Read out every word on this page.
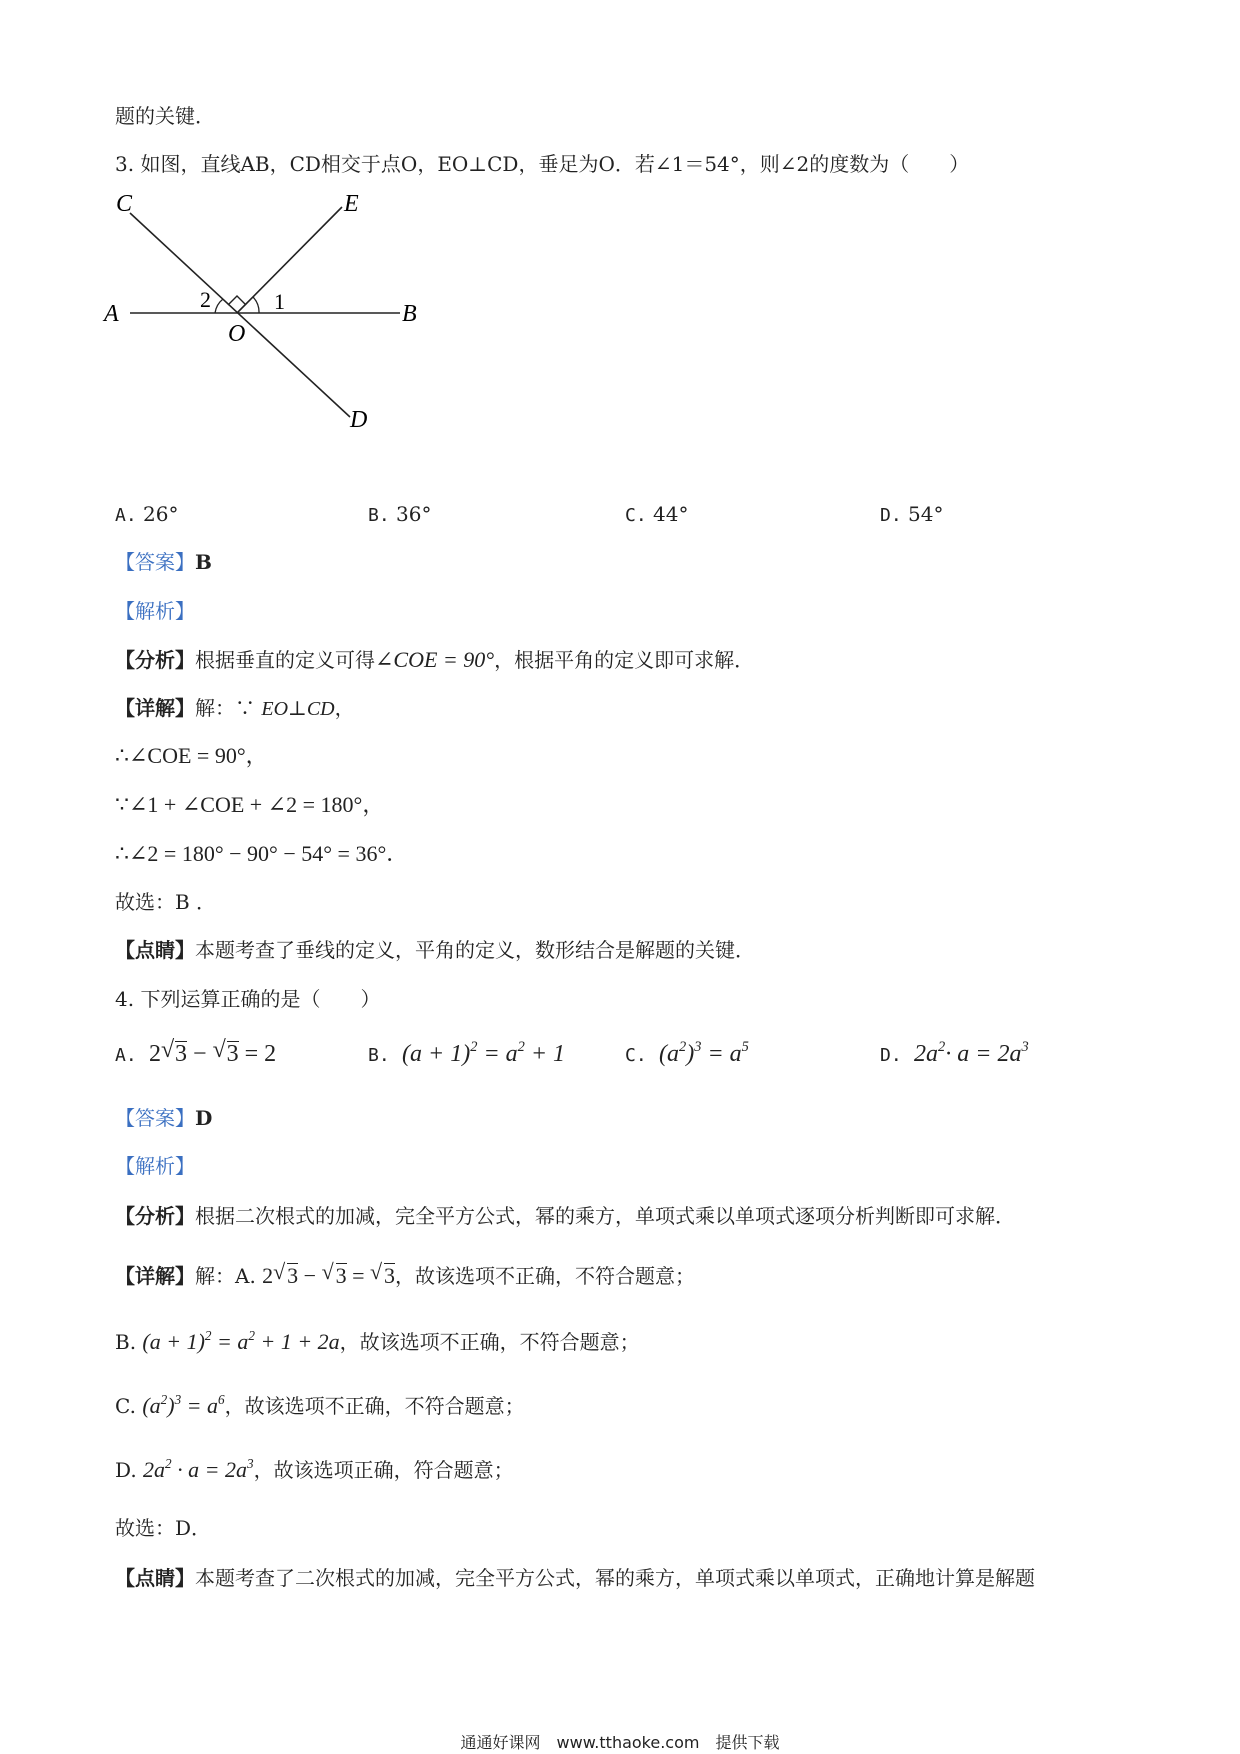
题的关键．
3. 如图，直线AB，CD相交于点O，EO⊥CD，垂足为O．若∠1＝54°，则∠2的度数为（　　）
C	E
A	B
O
D
1
2
A. 26°	B. 36°	C. 44°	D. 54°
【答案】B
【解析】
【分析】根据垂直的定义可得∠COE = 90°，根据平角的定义即可求解．
【详解】解：∵ EO⊥CD，
∴∠COE = 90°，
∵∠1 + ∠COE + ∠2 = 180°，
∴∠2 = 180° − 90° − 54° = 36°．
故选：B ．
【点睛】本题考查了垂线的定义，平角的定义，数形结合是解题的关键．
4. 下列运算正确的是（　　）
A. 2 √ 3 − √ 3 = 2	B. $(a + 1)^2 = a^2 + 1$	C. $(a^2)^3 = a^5$	D. $2a^2\cdot a = 2a^3$
【答案】D
【解析】
【分析】根据二次根式的加减，完全平方公式，幂的乘方，单项式乘以单项式逐项分析判断即可求解．
【详解】解：A. 2 √ 3 − √ 3 = √ 3，故该选项不正确，不符合题意；
B. $(a + 1)^2 = a^2 + 1 + 2a$，故该选项不正确，不符合题意；
C. $(a^2)^3 = a^6$，故该选项不正确，不符合题意；
D. $2a^2 \cdot a = 2a^3$，故该选项正确，符合题意；
故选：D．
【点睛】本题考查了二次根式的加减，完全平方公式，幂的乘方，单项式乘以单项式，正确地计算是解题
通通好课网　www.tthaoke.com　提供下载
